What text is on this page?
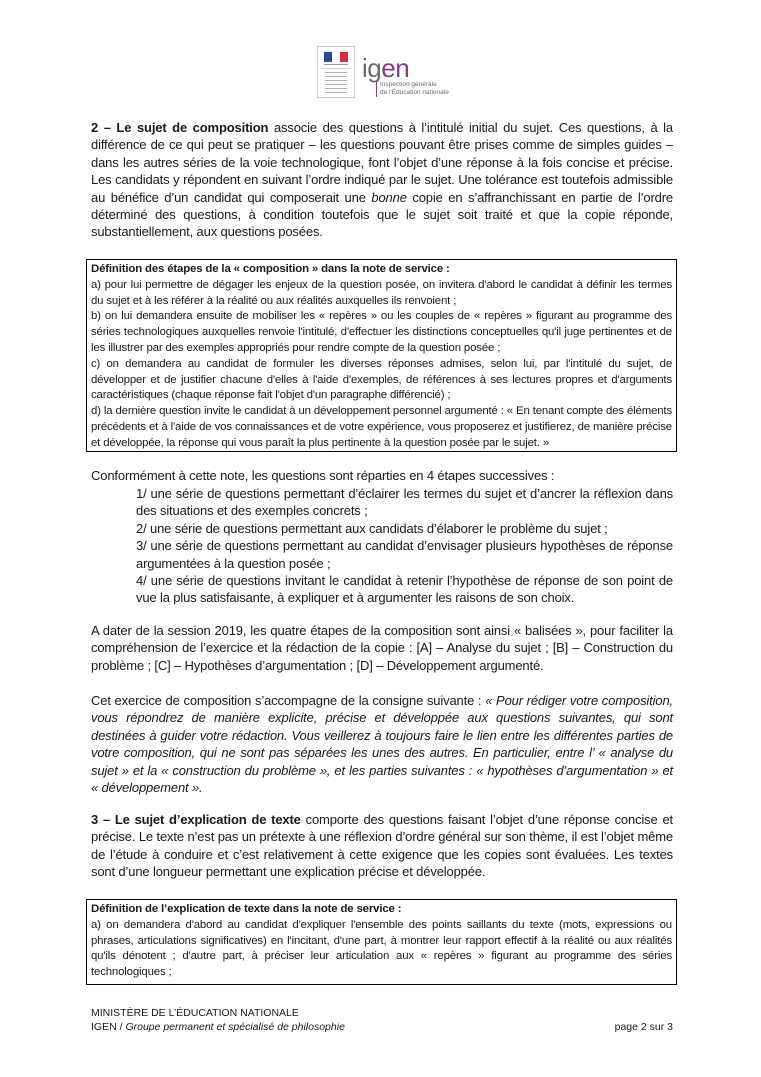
igen
Inspection générale
de l'Éducation nationale
2 – Le sujet de composition associe des questions à l’intitulé initial du sujet. Ces questions, à la différence de ce qui peut se pratiquer – les questions pouvant être prises comme de simples guides – dans les autres séries de la voie technologique, font l’objet d’une réponse à la fois concise et précise. Les candidats y répondent en suivant l’ordre indiqué par le sujet. Une tolérance est toutefois admissible au bénéfice d’un candidat qui composerait une bonne copie en s’affranchissant en partie de l’ordre déterminé des questions, à condition toutefois que le sujet soit traité et que la copie réponde, substantiellement, aux questions posées.
Définition des étapes de la « composition » dans la note de service :

a) pour lui permettre de dégager les enjeux de la question posée, on invitera d'abord le candidat à définir les termes du sujet et à les référer à la réalité ou aux réalités auxquelles ils renvoient ;

b) on lui demandera ensuite de mobiliser les « repères » ou les couples de « repères » figurant au programme des séries technologiques auxquelles renvoie l'intitulé, d'effectuer les distinctions conceptuelles qu'il juge pertinentes et de les illustrer par des exemples appropriés pour rendre compte de la question posée ;

c) on demandera au candidat de formuler les diverses réponses admises, selon lui, par l'intitulé du sujet, de développer et de justifier chacune d'elles à l'aide d'exemples, de références à ses lectures propres et d'arguments caractéristiques (chaque réponse fait l'objet d'un paragraphe différencié) ;

d) la dernière question invite le candidat à un développement personnel argumenté : « En tenant compte des éléments précédents et à l'aide de vos connaissances et de votre expérience, vous proposerez et justifierez, de manière précise et développée, la réponse qui vous paraît la plus pertinente à la question posée par le sujet. »

Conformément à cette note, les questions sont réparties en 4 étapes successives :

1/ une série de questions permettant d’éclairer les termes du sujet et d’ancrer la réflexion dans des situations et des exemples concrets ;

2/ une série de questions permettant aux candidats d’élaborer le problème du sujet ;

3/ une série de questions permettant au candidat d’envisager plusieurs hypothèses de réponse argumentées à la question posée ;

4/ une série de questions invitant le candidat à retenir l’hypothèse de réponse de son point de vue la plus satisfaisante, à expliquer et à argumenter les raisons de son choix.

A dater de la session 2019, les quatre étapes de la composition sont ainsi « balisées », pour faciliter la compréhension de l’exercice et la rédaction de la copie : [A] – Analyse du sujet ; [B] – Construction du problème ; [C] – Hypothèses d’argumentation ; [D] – Développement argumenté.
Cet exercice de composition s’accompagne de la consigne suivante : « Pour rédiger votre composition, vous répondrez de manière explicite, précise et développée aux questions suivantes, qui sont destinées à guider votre rédaction. Vous veillerez à toujours faire le lien entre les différentes parties de votre composition, qui ne sont pas séparées les unes des autres. En particulier, entre l’ « analyse du sujet » et la « construction du problème », et les parties suivantes : « hypothèses d’argumentation » et « développement ».
3 – Le sujet d’explication de texte comporte des questions faisant l’objet d’une réponse concise et précise. Le texte n’est pas un prétexte à une réflexion d’ordre général sur son thème, il est l’objet même de l’étude à conduire et c’est relativement à cette exigence que les copies sont évaluées. Les textes sont d’une longueur permettant une explication précise et développée.
Définition de l’explication de texte dans la note de service :

a) on demandera d'abord au candidat d'expliquer l'ensemble des points saillants du texte (mots, expressions ou phrases, articulations significatives) en l'incitant, d'une part, à montrer leur rapport effectif à la réalité ou aux réalités qu'ils dénotent ; d'autre part, à préciser leur articulation aux « repères » figurant au programme des séries technologiques ;

MINISTÈRE DE L’ÉDUCATION NATIONALE
IGEN / Groupe permanent et spécialisé de philosophie	page 2 sur 3
